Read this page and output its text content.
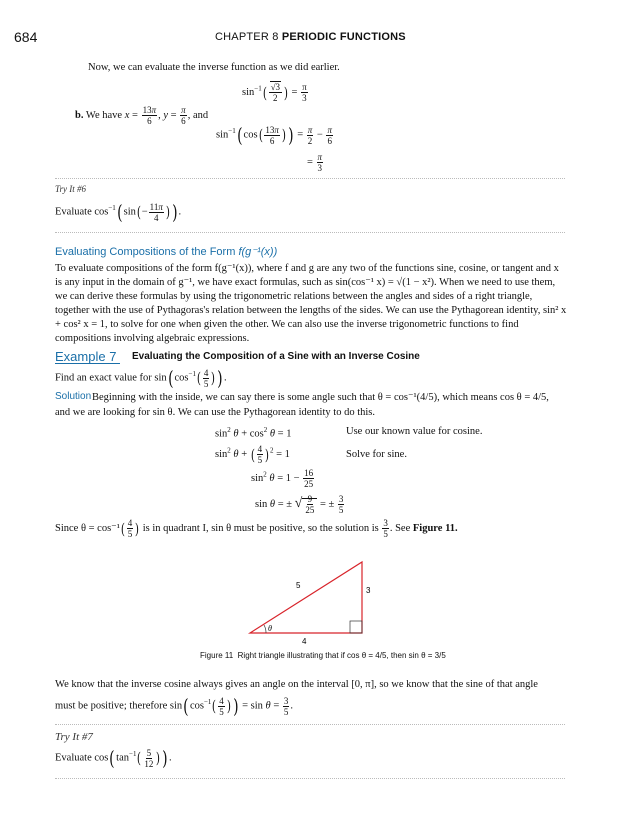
684	CHAPTER 8 PERIODIC FUNCTIONS
Now, we can evaluate the inverse function as we did earlier.
$\sin^{-1}( \frac{√3}{2}$ ) = $\frac{\pi}{3}$
b. We have $x = \frac{13\pi}{6}$ , $y = \frac{\pi}{6}$ , and
$\sin^{-1}(\cos( \frac{13\pi}{6}$ ) ) = $\frac{\pi}{2} - \frac{\pi}{6}$
= $\frac{\pi}{3}$
Try It #6
Evaluate $\cos^{-1}(\sin(- \frac{11\pi}{4}$ ) ).
Evaluating Compositions of the Form f(g⁻¹(x))
To evaluate compositions of the form f(g⁻¹(x)), where f and g are any two of the functions sine, cosine, or tangent and x is any input in the domain of g⁻¹, we have exact formulas, such as sin(cos⁻¹ x) = √(1 − x²). When we need to use them, we can derive these formulas by using the trigonometric relations between the angles and sides of a right triangle, together with the use of Pythagoras's relation between the lengths of the sides. We can use the Pythagorean identity, sin² x + cos² x = 1, to solve for one when given the other. We can also use the inverse trigonometric functions to find compositions involving algebraic expressions.
Example 7 Evaluating the Composition of a Sine with an Inverse Cosine
Find an exact value for $\sin(\cos^{-1}( \frac{4}{5}$ ) ).
Solution Beginning with the inside, we can say there is some angle such that θ = cos⁻¹(4/5), which means cos θ = 4/5,
and we are looking for sin θ. We can use the Pythagorean identity to do this.
$\sin^2 \theta + \cos^2 \theta = 1$	Use our known value for cosine.
$\sin^2 \theta$ + ( $\frac{4}{5} )^2 = 1$	Solve for sine.
$\sin^2 \theta = 1 - \frac{16}{25}$
sin θ = ± √ $\frac{9}{25}$ = ± $\frac{3}{5}$
Since $\theta = \cos^{-1}( \frac{4}{5}$ ) is in quadrant I, sin θ must be positive, so the solution is $\frac{3}{5}$ . See Figure 11.
5
3
4
θ
Figure 11 Right triangle illustrating that if cos θ = 4/5, then sin θ = 3/5
We know that the inverse cosine always gives an angle on the interval [0, π], so we know that the sine of that angle
must be positive; therefore $\sin(\cos^{-1}( \frac{4}{5}$ ) ) = $\sin \theta = \frac{3}{5}$ .
Try It #7
Evaluate $\cos(\tan^{-1}( \frac{5}{12}$ ) ).
